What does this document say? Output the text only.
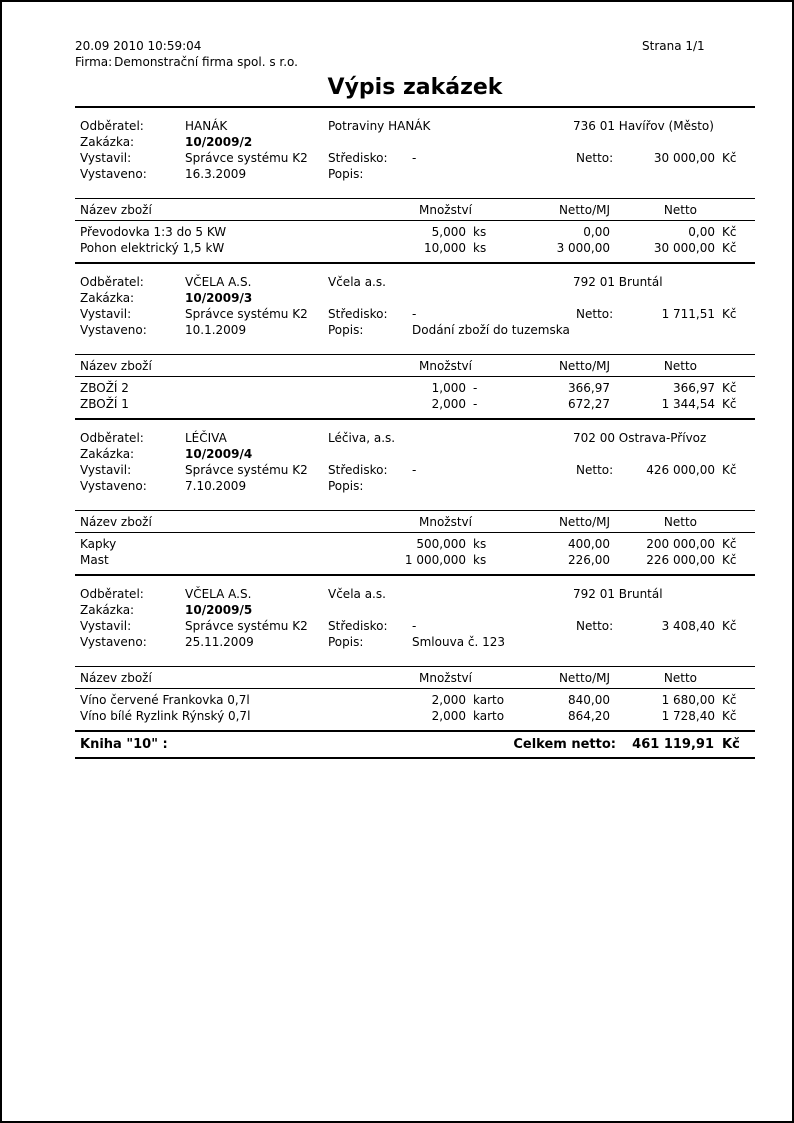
20.09 2010 10:59:04	Strana 1/1
Firma: Demonstrační firma spol. s r.o.
Výpis zakázek
Odběratel:	HANÁK	Potraviny HANÁK	736 01 Havířov (Město)
Zakázka:	10/2009/2
Vystavil:	Správce systému K2 Středisko: -	Netto:	30 000,00 Kč
Vystaveno:	16.3.2009	Popis:
Název zboží	Množství	Netto/MJ	Netto
Převodovka 1:3 do 5 KW	5,000 ks	0,00	0,00 Kč
Pohon elektrický 1,5 kW	10,000 ks	3 000,00	30 000,00 Kč
Odběratel:	VČELA A.S.	Včela a.s.	792 01 Bruntál
Zakázka:	10/2009/3
Vystavil:	Správce systému K2 Středisko: -	Netto:	1 711,51 Kč
Vystaveno:	10.1.2009	Popis:	Dodání zboží do tuzemska
Název zboží	Množství	Netto/MJ	Netto
ZBOŽÍ 2	1,000 -	366,97	366,97 Kč
ZBOŽÍ 1	2,000 -	672,27	1 344,54 Kč
Odběratel:	LÉČIVA	Léčiva, a.s.	702 00 Ostrava-Přívoz
Zakázka:	10/2009/4
Vystavil:	Správce systému K2 Středisko: -	Netto:	426 000,00 Kč
Vystaveno:	7.10.2009	Popis:
Název zboží	Množství	Netto/MJ	Netto
Kapky	500,000 ks	400,00	200 000,00 Kč
Mast	1 000,000 ks	226,00	226 000,00 Kč
Odběratel:	VČELA A.S.	Včela a.s.	792 01 Bruntál
Zakázka:	10/2009/5
Vystavil:	Správce systému K2 Středisko: -	Netto:	3 408,40 Kč
Vystaveno:	25.11.2009	Popis:	Smlouva č. 123
Název zboží	Množství	Netto/MJ	Netto
Víno červené Frankovka 0,7l	2,000 karto	840,00	1 680,00 Kč
Víno bílé Ryzlink Rýnský 0,7l	2,000 karto	864,20	1 728,40 Kč
Kniha "10" :	Celkem netto:	461 119,91 Kč
